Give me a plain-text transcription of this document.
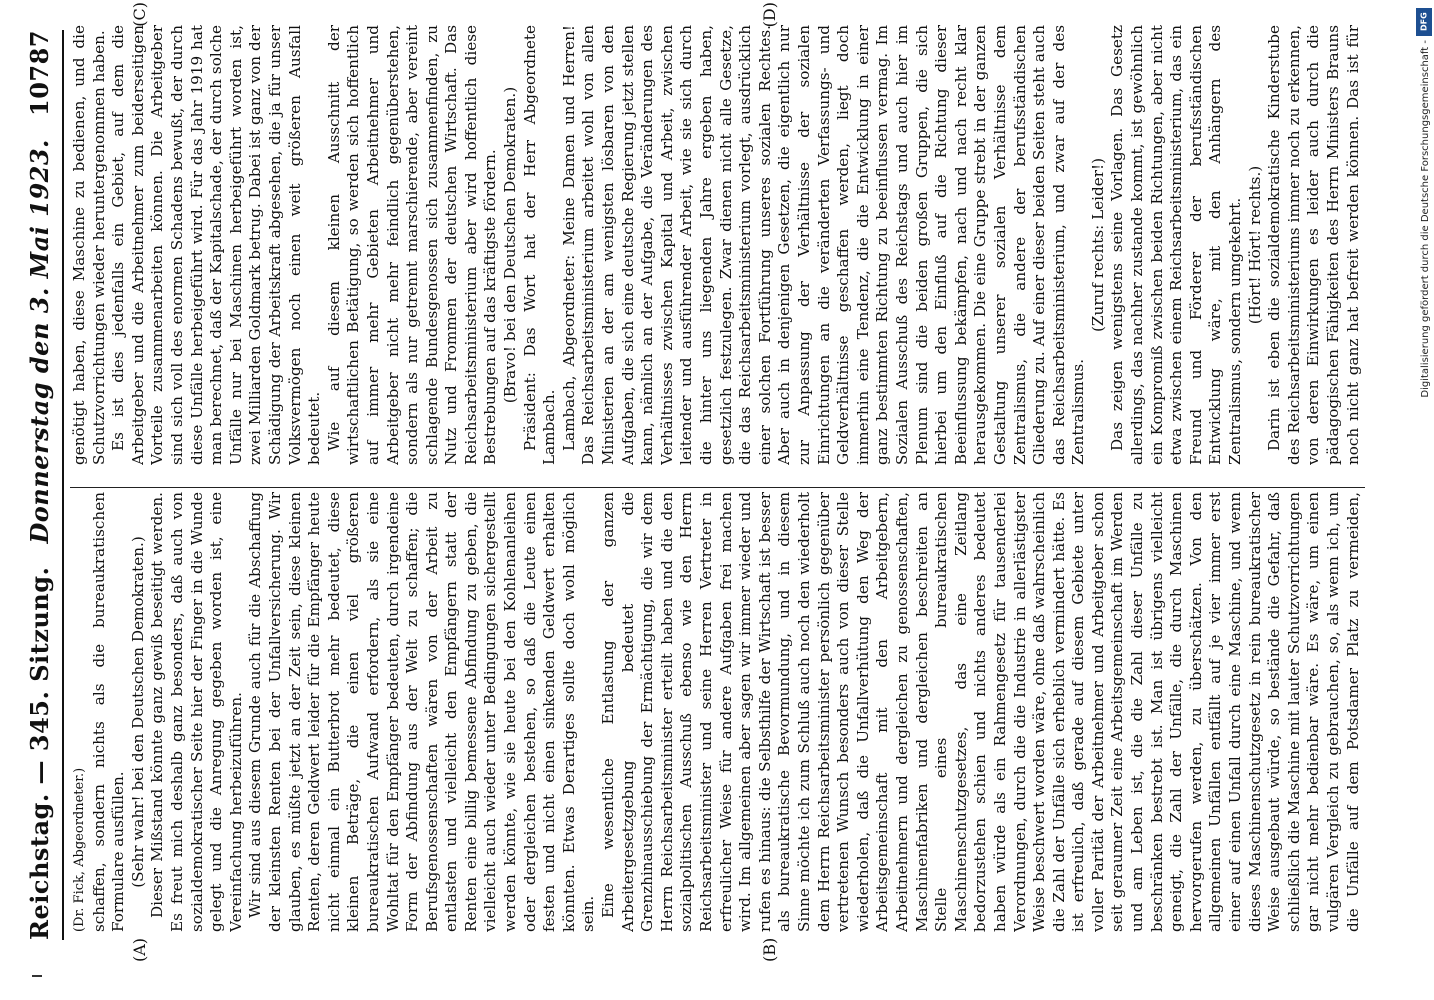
Reichstag. — 345. Sitzung.
Donnerstag den 3. Mai 1923.
10787
(A)	(B)
(C)	(D)

(Dr. Fick, Abgeordneter.) schaffen, sondern nichts als die bureaukratischen Formulare ausfüllen. (Sehr wahr! bei den Deutschen Demokraten.) Dieser Mißstand könnte ganz gewiß beseitigt werden. Es freut mich deshalb ganz besonders, daß auch von sozialdemokratischer Seite hier der Finger in die Wunde gelegt und die Anregung gegeben worden ist, eine Vereinfachung herbeizuführen. Wir sind aus diesem Grunde auch für die Abschaffung der kleinsten Renten bei der Unfallversicherung. Wir glauben, es müßte jetzt an der Zeit sein, diese kleinen Renten, deren Geldwert leider für die Empfänger heute nicht einmal ein Butterbrot mehr bedeutet, diese kleinen Beträge, die einen viel größeren bureaukratischen Aufwand erfordern, als sie eine Wohltat für den Empfänger bedeuten, durch irgendeine Form der Abfindung aus der Welt zu schaffen; die Berufsgenossenschaften wären von der Arbeit zu entlasten und vielleicht den Empfängern statt der Renten eine billig bemessene Abfindung zu geben, die vielleicht auch wieder unter Bedingungen sichergestellt werden könnte, wie sie heute bei den Kohlenanleihen oder dergleichen bestehen, so daß die Leute einen festen und nicht einen sinkenden Geldwert erhalten könnten. Etwas Derartiges sollte doch wohl möglich sein. Eine wesentliche Entlastung der ganzen Arbeitergesetzgebung bedeutet die Grenzhinausschiebung der Ermächtigung, die wir dem Herrn Reichsarbeitsminister erteilt haben und die den sozialpolitischen Ausschuß ebenso wie den Herrn Reichsarbeitsminister und seine Herren Vertreter in erfreulicher Weise für andere Aufgaben frei machen wird. Im allgemeinen aber sagen wir immer wieder und rufen es hinaus: die Selbsthilfe der Wirtschaft ist besser als bureaukratische Bevormundung, und in diesem Sinne möchte ich zum Schluß auch noch den wiederholt dem Herrn Reichsarbeitsminister persönlich gegenüber vertretenen Wunsch besonders auch von dieser Stelle wiederholen, daß die Unfallverhütung den Weg der Arbeitsgemeinschaft mit den Arbeitgebern, Arbeitnehmern und dergleichen zu genossenschaften, Maschinenfabriken und dergleichen beschreiten an Stelle eines bureaukratischen Maschinenschutzgesetzes, das eine Zeitlang bedorzustehen schien und nichts anderes bedeutet haben würde als ein Rahmengesetz für tausenderlei Verordnungen, durch die die Industrie in allerlästigster Weise beschwert worden wäre, ohne daß wahrscheinlich die Zahl der Unfälle sich erheblich vermindert hätte. Es ist erfreulich, daß gerade auf diesem Gebiete unter voller Parität der Arbeitnehmer und Arbeitgeber schon seit geraumer Zeit eine Arbeitsgemeinschaft im Werden und am Leben ist, die die Zahl dieser Unfälle zu beschränken bestrebt ist. Man ist übrigens vielleicht geneigt, die Zahl der Unfälle, die durch Maschinen hervorgerufen werden, zu überschätzen. Von den allgemeinen Unfällen entfällt auf je vier immer erst einer auf einen Unfall durch eine Maschine, und wenn dieses Maschinenschutzgesetz in rein bureaukratischer Weise ausgebaut würde, so bestände die Gefahr, daß schließlich die Maschine mit lauter Schutzvorrichtungen gar nicht mehr bedienbar wäre. Es wäre, um einen vulgären Vergleich zu gebrauchen, so, als wenn ich, um die Unfälle auf dem Potsdamer Platz zu vermeiden,

genötigt haben, diese Maschine zu bedienen, und die Schutzvorrichtungen wieder heruntergenommen haben. Es ist dies jedenfalls ein Gebiet, auf dem die Arbeitgeber und die Arbeitnehmer zum beiderseitigen Vorteile zusammenarbeiten können. Die Arbeitgeber sind sich voll des enormen Schadens bewußt, der durch diese Unfälle herbeigeführt wird. Für das Jahr 1919 hat man berechnet, daß der Kapitalschade, der durch solche Unfälle nur bei Maschinen herbeigeführt worden ist, zwei Milliarden Goldmark betrug. Dabei ist ganz von der Schädigung der Arbeitskraft abgesehen, die ja für unser Volksvermögen noch einen weit größeren Ausfall bedeutet. Wie auf diesem kleinen Ausschnitt der wirtschaftlichen Betätigung, so werden sich hoffentlich auf immer mehr Gebieten Arbeitnehmer und Arbeitgeber nicht mehr feindlich gegenüberstehen, sondern als nur getrennt marschierende, aber vereint schlagende Bundesgenossen sich zusammenfinden, zu Nutz und Frommen der deutschen Wirtschaft. Das Reichsarbeitsministerium aber wird hoffentlich diese Bestrebungen auf das kräftigste fördern. (Bravo! bei den Deutschen Demokraten.) Präsident: Das Wort hat der Herr Abgeordnete Lambach. Lambach, Abgeordneter: Meine Damen und Herren! Das Reichsarbeitsministerium arbeitet wohl von allen Ministerien an der am wenigsten lösbaren von den Aufgaben, die sich eine deutsche Regierung jetzt stellen kann, nämlich an der Aufgabe, die Veränderungen des Verhältnisses zwischen Kapital und Arbeit, zwischen leitender und ausführender Arbeit, wie sie sich durch die hinter uns liegenden Jahre ergeben haben, gesetzlich festzulegen. Zwar dienen nicht alle Gesetze, die das Reichsarbeitsministerium vorlegt, ausdrücklich einer solchen Fortführung unseres sozialen Rechtes. Aber auch in denjenigen Gesetzen, die eigentlich nur zur Anpassung der Verhältnisse der sozialen Einrichtungen an die veränderten Verfassungs- und Geldverhältnisse geschaffen werden, liegt doch immerhin eine Tendenz, die die Entwicklung in einer ganz bestimmten Richtung zu beeinflussen vermag. Im Sozialen Ausschuß des Reichstags und auch hier im Plenum sind die beiden großen Gruppen, die sich hierbei um den Einfluß auf die Richtung dieser Beeinflussung bekämpfen, nach und nach recht klar herausgekommen. Die eine Gruppe strebt in der ganzen Gestaltung unserer sozialen Verhältnisse dem Zentralismus, die andere der berufsständischen Gliederung zu. Auf einer dieser beiden Seiten steht auch das Reichsarbeitsministerium, und zwar auf der des Zentralismus.

(Zuruf rechts: Leider!) Das zeigen wenigstens seine Vorlagen. Das Gesetz allerdings, das nachher zustande kommt, ist gewöhnlich ein Kompromiß zwischen beiden Richtungen, aber nicht etwa zwischen einem Reichsarbeitsministerium, das ein Freund und Förderer der berufsständischen Entwicklung wäre, mit den Anhängern des Zentralismus, sondern umgekehrt. (Hört! Hört! rechts.)

Darin ist eben die sozialdemokratische Kinderstube des Reichsarbeitsministeriums immer noch zu erkennen, von deren Einwirkungen es leider auch durch die pädagogischen Fähigkeiten des Herrn Ministers Brauns noch nicht ganz hat befreit werden können. Das ist für

DFG
Digitalisierung gefördert durch die Deutsche Forschungsgemeinschaft -
